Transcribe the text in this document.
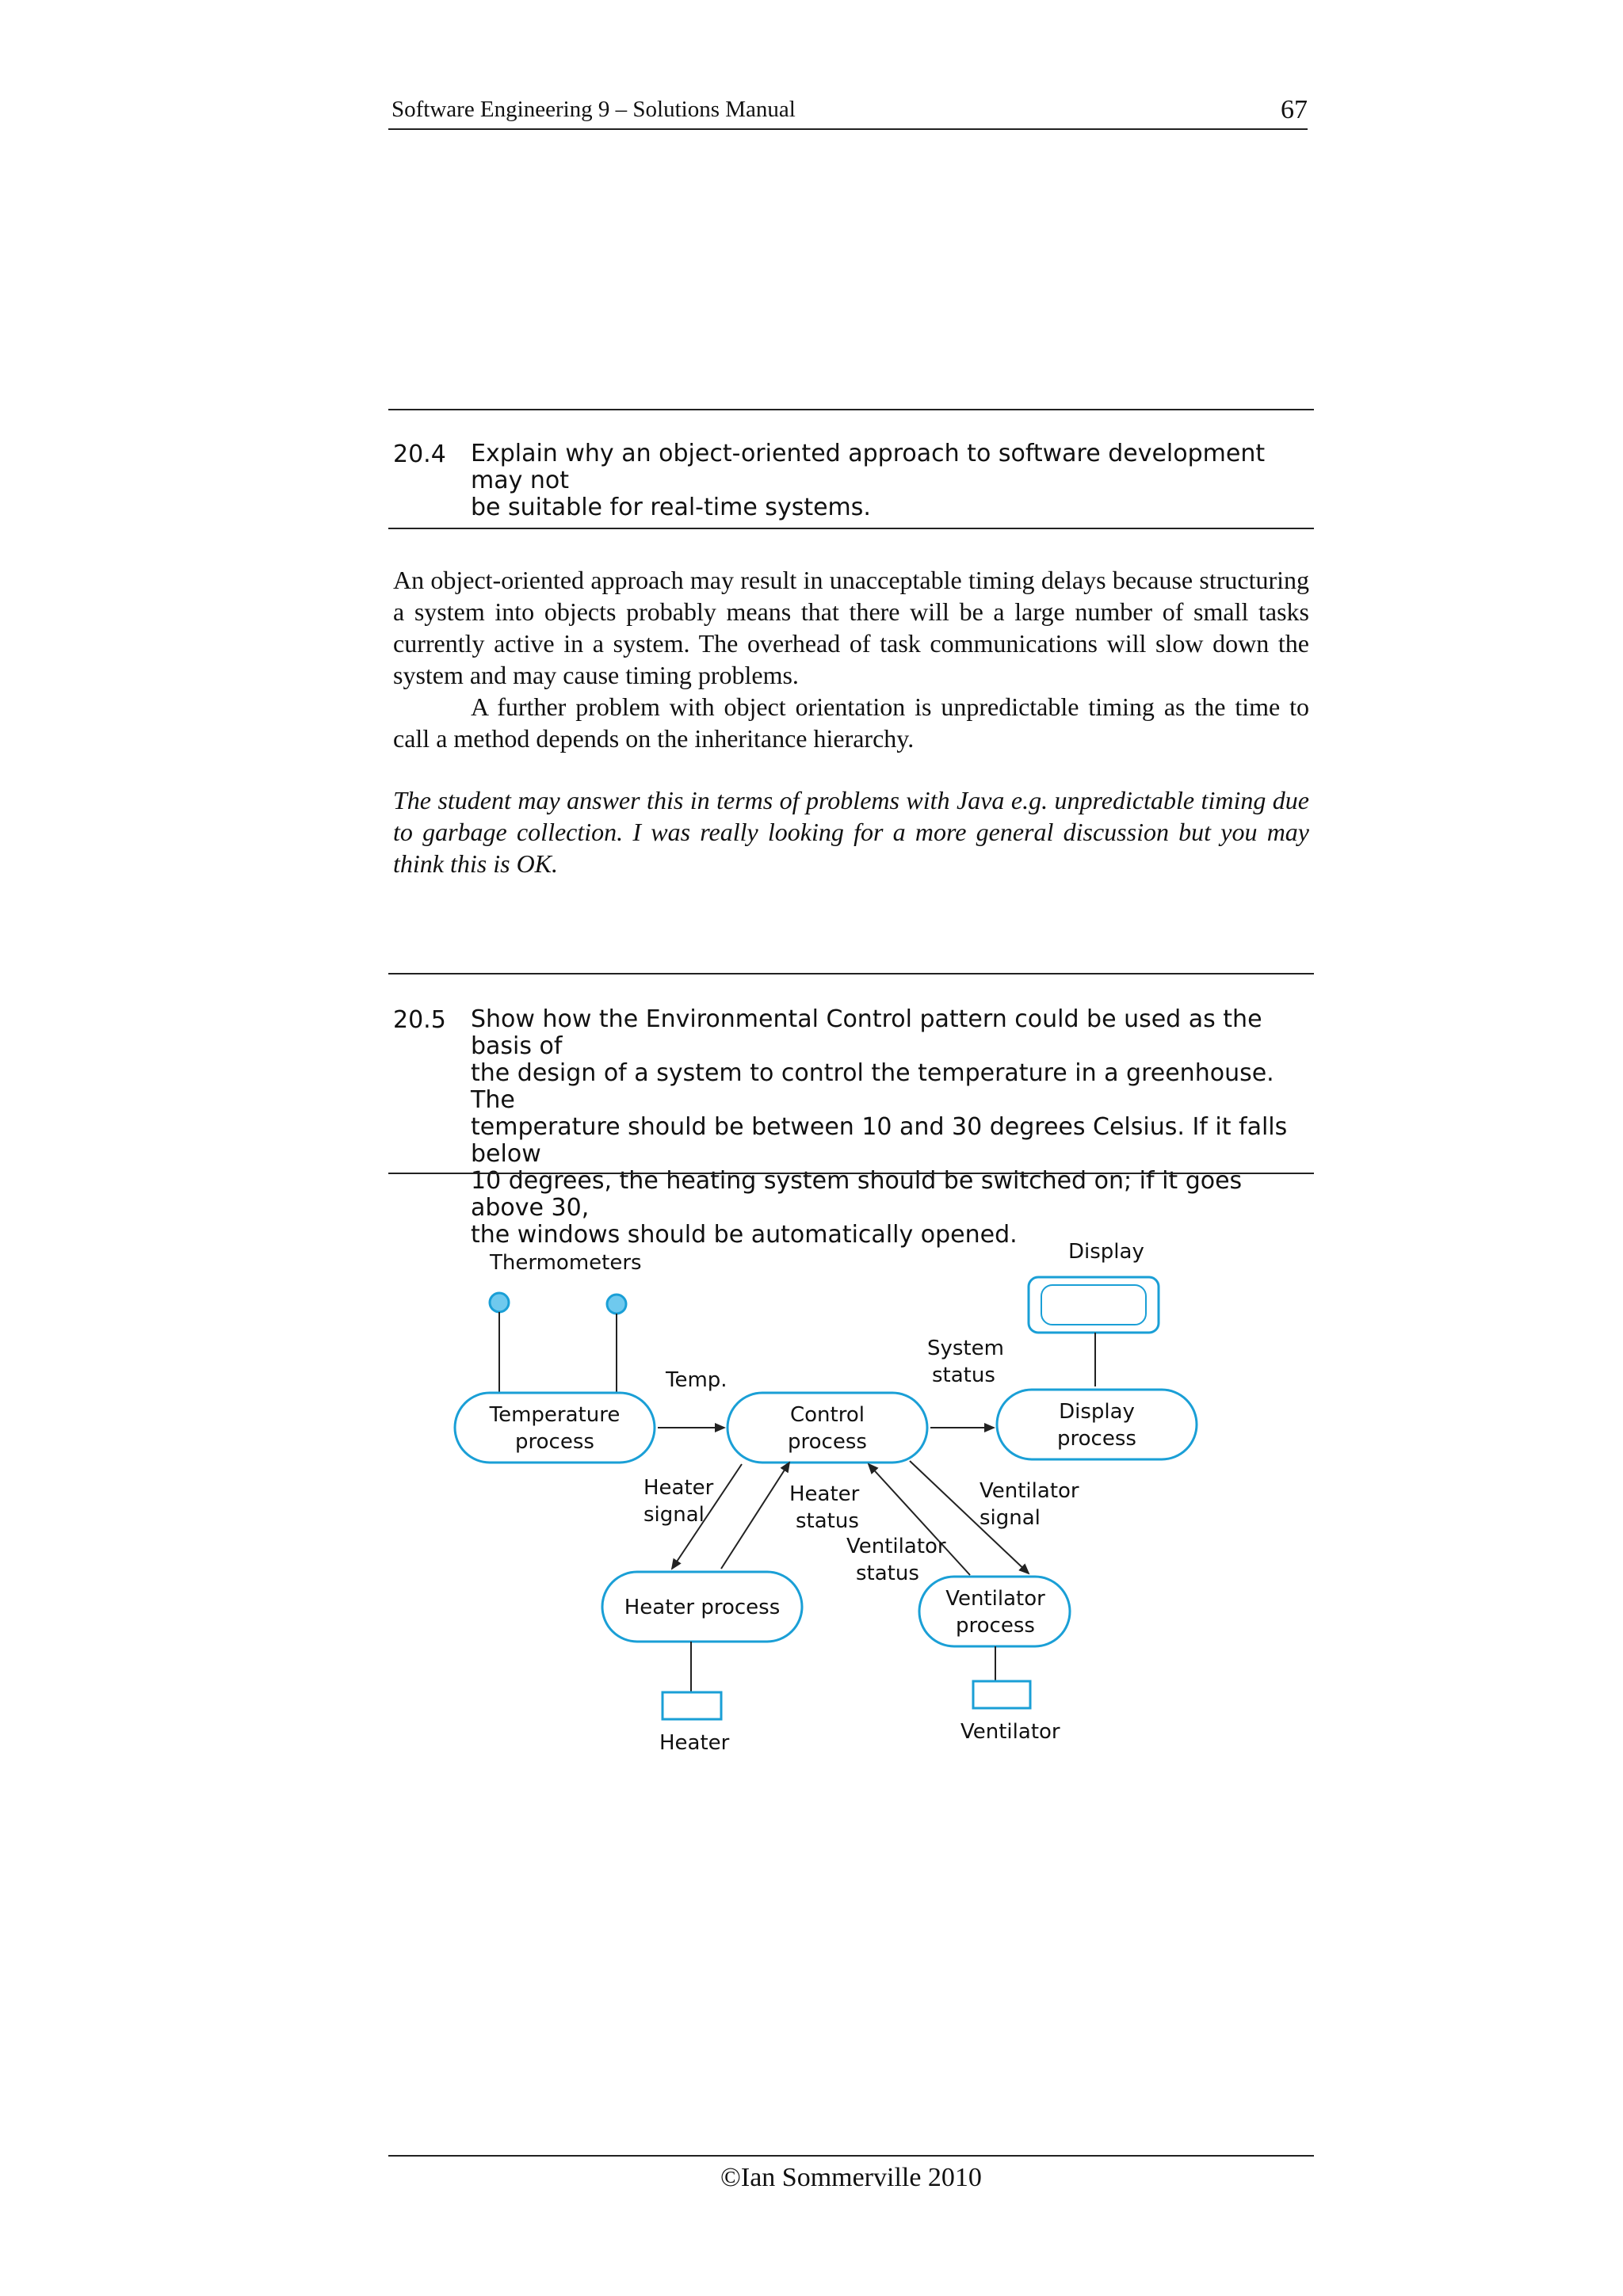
Software Engineering 9 – Solutions Manual	67
20.4 Explain why an object-oriented approach to software development may not
be suitable for real-time systems.
An object-oriented approach may result in unacceptable timing delays because structuring a system into objects probably means that there will be a large number of small tasks currently active in a system. The overhead of task communications will slow down the system and may cause timing problems.
A further problem with object orientation is unpredictable timing as the time to call a method depends on the inheritance hierarchy.
The student may answer this in terms of problems with Java e.g. unpredictable timing due to garbage collection. I was really looking for a more general discussion but you may think this is OK.
20.5 Show how the Environmental Control pattern could be used as the basis of
the design of a system to control the temperature in a greenhouse. The
temperature should be between 10 and 30 degrees Celsius. If it falls below
10 degrees, the heating system should be switched on; if it goes above 30,
the windows should be automatically opened.
Thermometers	Display
Temperature
process
Control
process
Display
process
Heater process	Ventilator
process
Heater	Ventilator
Temp.
System
status
Heater
signal
Heater
status
Ventilator
signal
Ventilator
status
©Ian Sommerville 2010
